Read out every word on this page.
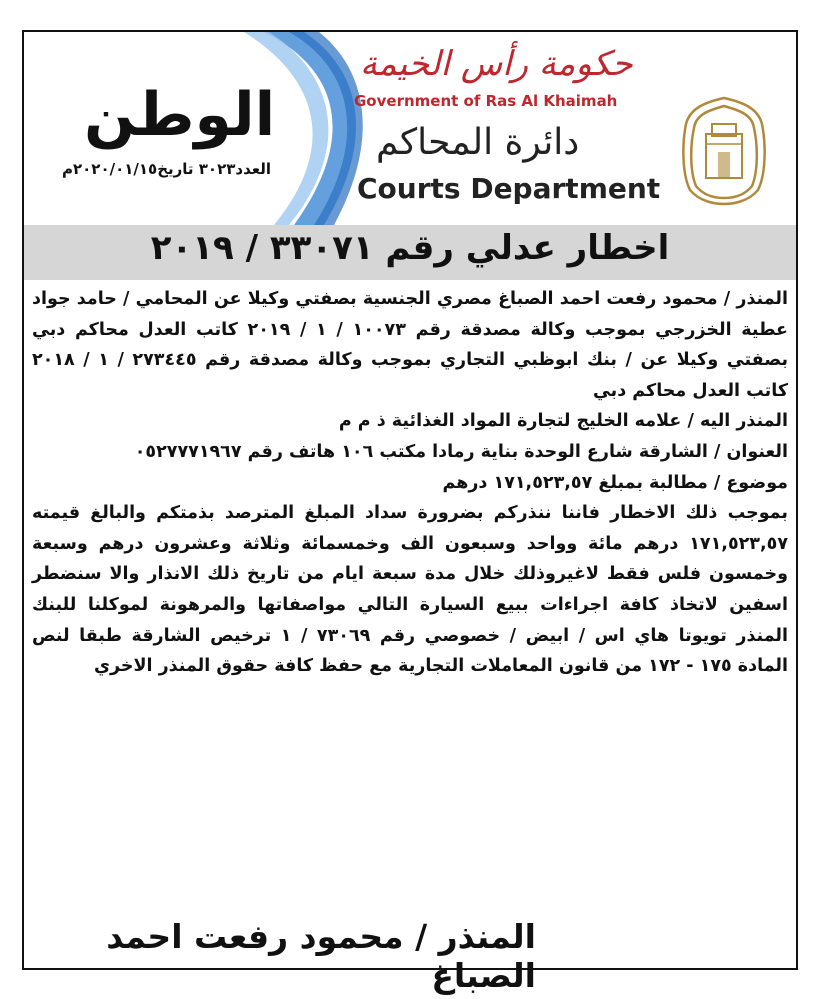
الوطن
العدد٣٠٢٣ تاريخ٢٠٢٠/٠١/١٥م
حكومة رأس الخيمة
Government of Ras Al Khaimah
دائرة المحاكم
Courts Department
اخطار عدلي رقم ٣٣٠٧١ / ٢٠١٩

المنذر / محمود رفعت احمد الصباغ مصري الجنسية بصفتي وكيلا عن المحامي / حامد جواد عطية الخزرجي بموجب وكالة مصدقة رقم ١٠٠٧٣ / ١ / ٢٠١٩ كاتب العدل محاكم دبي بصفتي وكيلا عن / بنك ابوظبي التجاري بموجب وكالة مصدقة رقم ٢٧٣٤٤٥ / ١ / ٢٠١٨ كاتب العدل محاكم دبي

المنذر اليه / علامه الخليج لتجارة المواد الغذائية ذ م م

العنوان / الشارقة شارع الوحدة بناية رمادا مكتب ١٠٦ هاتف رقم ٠٥٢٧٧٧١٩٦٧

موضوع / مطالبة بمبلغ ١٧١,٥٢٣,٥٧ درهم

بموجب ذلك الاخطار فاننا ننذركم بضرورة سداد المبلغ المترصد بذمتكم والبالغ قيمته ١٧١,٥٢٣,٥٧ درهم مائة وواحد وسبعون الف وخمسمائة وثلاثة وعشرون درهم وسبعة وخمسون فلس فقط لاغيروذلك خلال مدة سبعة ايام من تاريخ ذلك الانذار والا سنضطر اسفين لاتخاذ كافة اجراءات ببيع السيارة التالي مواصفاتها والمرهونة لموكلنا للبنك المنذر تويوتا هاي اس / ابيض / خصوصي رقم ٧٣٠٦٩ / ١ ترخيص الشارقة طبقا لنص المادة ١٧٥ - ١٧٢ من قانون المعاملات التجارية مع حفظ كافة حقوق المنذر الاخري

المنذر / محمود رفعت احمد الصباغ
